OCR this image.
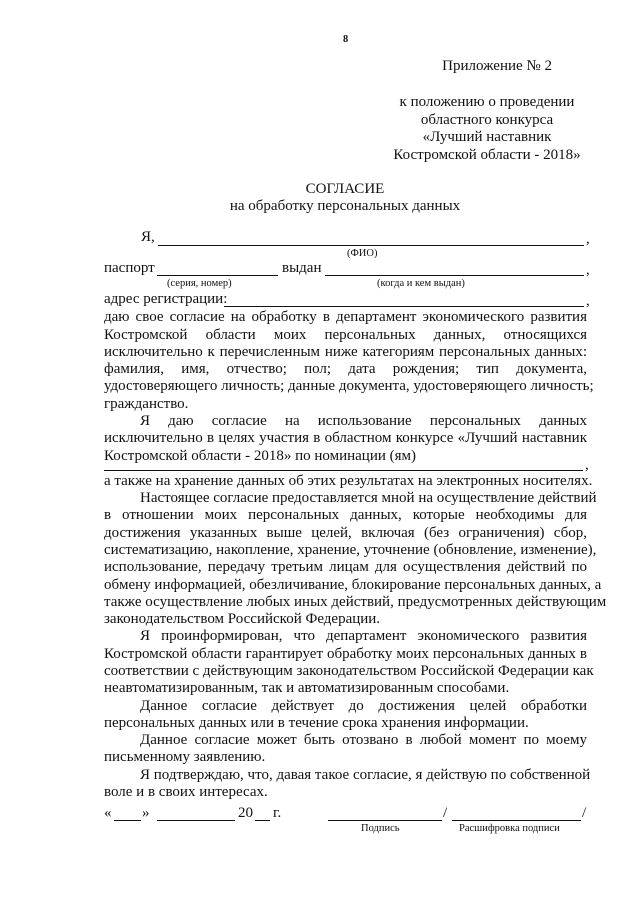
8
Приложение № 2
к положению о проведении
областного конкурса
«Лучший наставник
Костромской области - 2018»
СОГЛАСИЕ
на обработку персональных данных
Я,	,
(ФИО)
паспорт	выдан	,
(серия, номер)	(когда и кем выдан)
адрес регистрации:	,

даю свое согласие на обработку в департамент экономического развития

Костромской области моих персональных данных, относящихся

исключительно к перечисленным ниже категориям персональных данных:

фамилия, имя, отчество; пол; дата рождения; тип документа,

удостоверяющего личность; данные документа, удостоверяющего личность;

гражданство.

Я даю согласие на использование персональных данных

исключительно в целях участия в областном конкурсе «Лучший наставник

Костромской области - 2018» по номинации (ям)

,

а также на хранение данных об этих результатах на электронных носителях.

Настоящее согласие предоставляется мной на осуществление действий

в отношении моих персональных данных, которые необходимы для

достижения указанных выше целей, включая (без ограничения) сбор,

систематизацию, накопление, хранение, уточнение (обновление, изменение),

использование, передачу третьим лицам для осуществления действий по

обмену информацией, обезличивание, блокирование персональных данных, а

также осуществление любых иных действий, предусмотренных действующим

законодательством Российской Федерации.

Я проинформирован, что департамент экономического развития

Костромской области гарантирует обработку моих персональных данных в

соответствии с действующим законодательством Российской Федерации как

неавтоматизированным, так и автоматизированным способами.

Данное согласие действует до достижения целей обработки

персональных данных или в течение срока хранения информации.

Данное согласие может быть отозвано в любой момент по моему

письменному заявлению.

Я подтверждаю, что, давая такое согласие, я действую по собственной

воле и в своих интересах.

« »	20 г.	/	/
Подпись	Расшифровка подписи
